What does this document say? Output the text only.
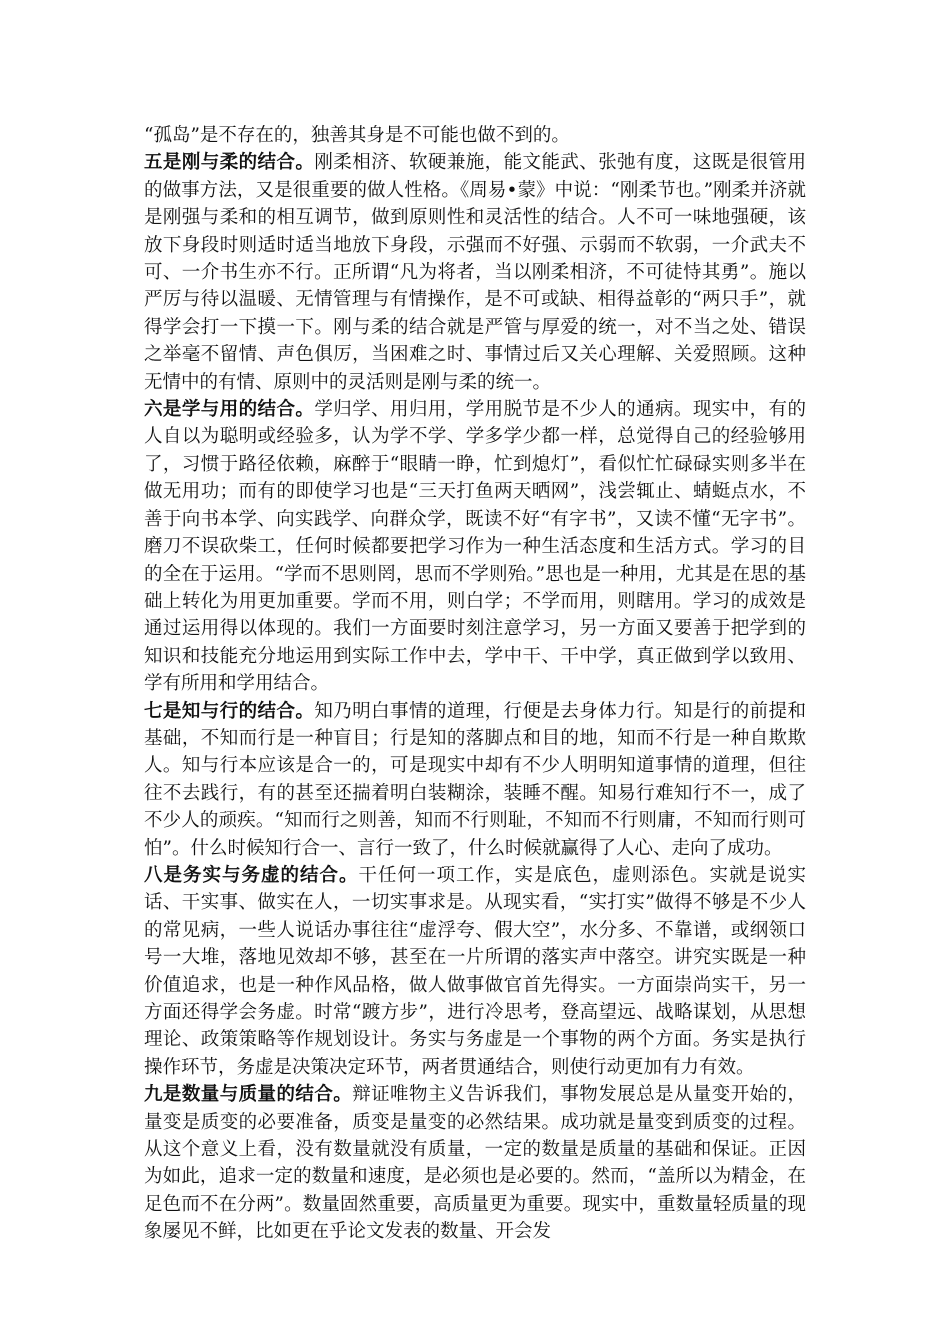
“孤岛”是不存在的，独善其身是不可能也做不到的。

五是刚与柔的结合。刚柔相济、软硬兼施，能文能武、张弛有度，这既是很管用的做事方法，又是很重要的做人性格。《周易•蒙》中说：“刚柔节也。”刚柔并济就是刚强与柔和的相互调节，做到原则性和灵活性的结合。人不可一味地强硬，该放下身段时则适时适当地放下身段，示强而不好强、示弱而不软弱，一介武夫不可、一介书生亦不行。正所谓“凡为将者，当以刚柔相济，不可徒恃其勇”。施以严厉与待以温暖、无情管理与有情操作，是不可或缺、相得益彰的“两只手”，就得学会打一下摸一下。刚与柔的结合就是严管与厚爱的统一，对不当之处、错误之举毫不留情、声色俱厉，当困难之时、事情过后又关心理解、关爱照顾。这种无情中的有情、原则中的灵活则是刚与柔的统一。

六是学与用的结合。学归学、用归用，学用脱节是不少人的通病。现实中，有的人自以为聪明或经验多，认为学不学、学多学少都一样，总觉得自己的经验够用了，习惯于路径依赖，麻醉于“眼睛一睁，忙到熄灯”，看似忙忙碌碌实则多半在做无用功；而有的即使学习也是“三天打鱼两天晒网”，浅尝辄止、蜻蜓点水，不善于向书本学、向实践学、向群众学，既读不好“有字书”，又读不懂“无字书”。磨刀不误砍柴工，任何时候都要把学习作为一种生活态度和生活方式。学习的目的全在于运用。“学而不思则罔，思而不学则殆。”思也是一种用，尤其是在思的基础上转化为用更加重要。学而不用，则白学；不学而用，则瞎用。学习的成效是通过运用得以体现的。我们一方面要时刻注意学习，另一方面又要善于把学到的知识和技能充分地运用到实际工作中去，学中干、干中学，真正做到学以致用、学有所用和学用结合。

七是知与行的结合。知乃明白事情的道理，行便是去身体力行。知是行的前提和基础，不知而行是一种盲目；行是知的落脚点和目的地，知而不行是一种自欺欺人。知与行本应该是合一的，可是现实中却有不少人明明知道事情的道理，但往往不去践行，有的甚至还揣着明白装糊涂，装睡不醒。知易行难知行不一，成了不少人的顽疾。“知而行之则善，知而不行则耻，不知而不行则庸，不知而行则可怕”。什么时候知行合一、言行一致了，什么时候就赢得了人心、走向了成功。

八是务实与务虚的结合。干任何一项工作，实是底色，虚则添色。实就是说实话、干实事、做实在人，一切实事求是。从现实看，“实打实”做得不够是不少人的常见病，一些人说话办事往往“虚浮夸、假大空”，水分多、不靠谱，或纲领口号一大堆，落地见效却不够，甚至在一片所谓的落实声中落空。讲究实既是一种价值追求，也是一种作风品格，做人做事做官首先得实。一方面崇尚实干，另一方面还得学会务虚。时常“踱方步”，进行冷思考，登高望远、战略谋划，从思想理论、政策策略等作规划设计。务实与务虚是一个事物的两个方面。务实是执行操作环节，务虚是决策决定环节，两者贯通结合，则使行动更加有力有效。

九是数量与质量的结合。辩证唯物主义告诉我们，事物发展总是从量变开始的，量变是质变的必要准备，质变是量变的必然结果。成功就是量变到质变的过程。从这个意义上看，没有数量就没有质量，一定的数量是质量的基础和保证。正因为如此，追求一定的数量和速度，是必须也是必要的。然而，“盖所以为精金，在足色而不在分两”。数量固然重要，高质量更为重要。现实中，重数量轻质量的现象屡见不鲜，比如更在乎论文发表的数量、开会发
